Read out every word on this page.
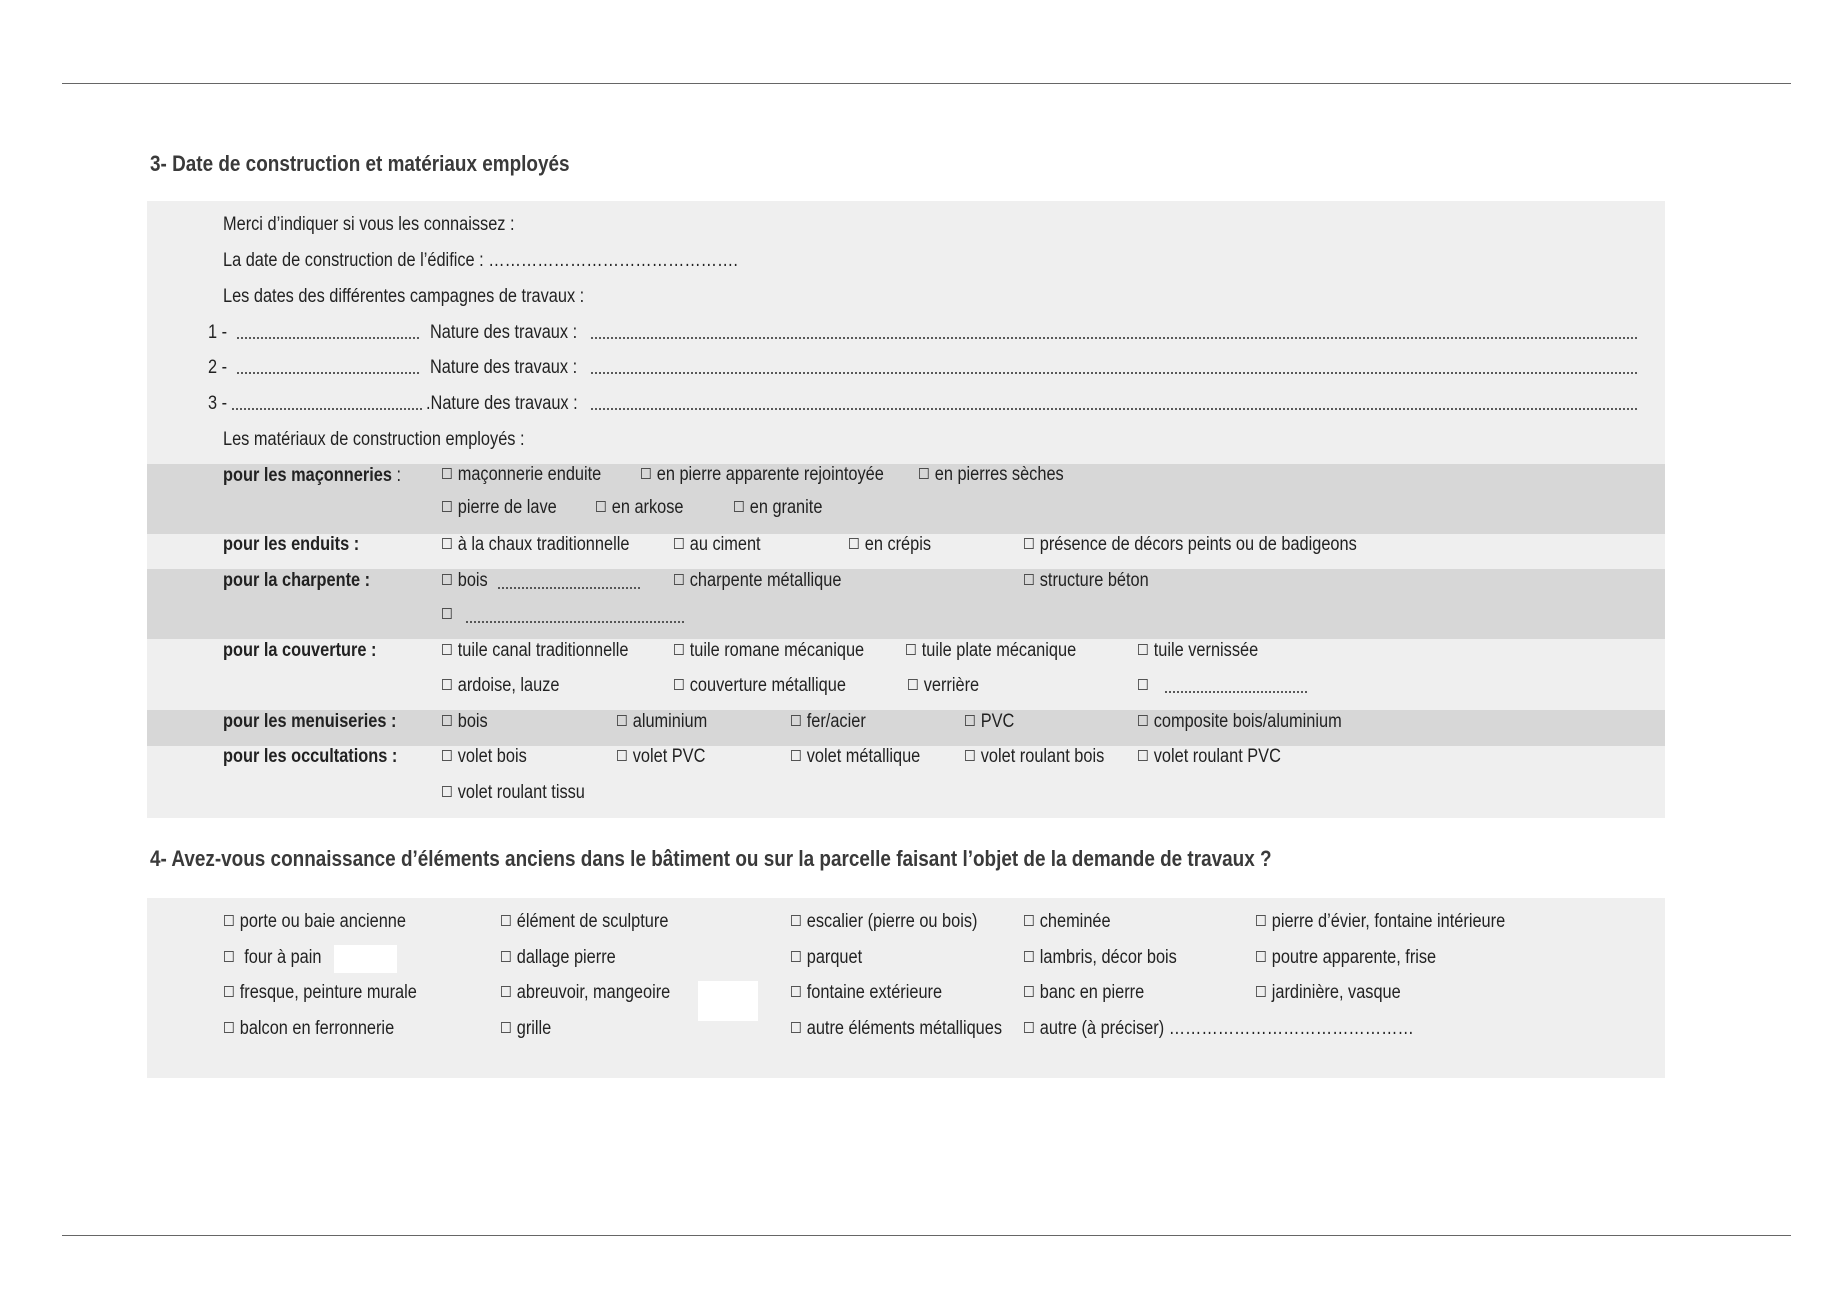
3- Date de construction et matériaux employés
Merci d’indiquer si vous les connaissez :
La date de construction de l’édifice : ……………………………………….
Les dates des différentes campagnes de travaux :
1 -	Nature des travaux :
2 -	Nature des travaux :
3 -	.Nature des travaux :
Les matériaux de construction employés :
pour les maçonneries :	☐ maçonnerie enduite	☐ en pierre apparente rejointoyée ☐ en pierres sèches
☐ pierre de lave	☐ en arkose	☐ en granite
pour les enduits :	☐ à la chaux traditionnelle	☐ au ciment	☐ en crépis	☐ présence de décors peints ou de badigeons
pour la charpente :	☐ bois	☐ charpente métallique	☐ structure béton
☐
pour la couverture :	☐ tuile canal traditionnelle	☐ tuile romane mécanique	☐ tuile plate mécanique	☐ tuile vernissée
☐ ardoise, lauze	☐ couverture métallique	☐ verrière	☐
pour les menuiseries :	☐ bois	☐ aluminium	☐ fer/acier	☐ PVC	☐ composite bois/aluminium
pour les occultations :	☐ volet bois	☐ volet PVC	☐ volet métallique	☐ volet roulant bois ☐ volet roulant PVC
☐ volet roulant tissu
4- Avez-vous connaissance d’éléments anciens dans le bâtiment ou sur la parcelle faisant l’objet de la demande de travaux ?
☐ porte ou baie ancienne	☐ élément de sculpture	☐ escalier (pierre ou bois)	☐ cheminée	☐ pierre d’évier, fontaine intérieure
☐ four à pain	☐ dallage pierre	☐ parquet	☐ lambris, décor bois	☐ poutre apparente, frise
☐ fresque, peinture murale	☐ abreuvoir, mangeoire	☐ fontaine extérieure	☐ banc en pierre	☐ jardinière, vasque
☐ balcon en ferronnerie	☐ grille	☐ autre éléments métalliques ☐ autre (à préciser) ………………………………………
